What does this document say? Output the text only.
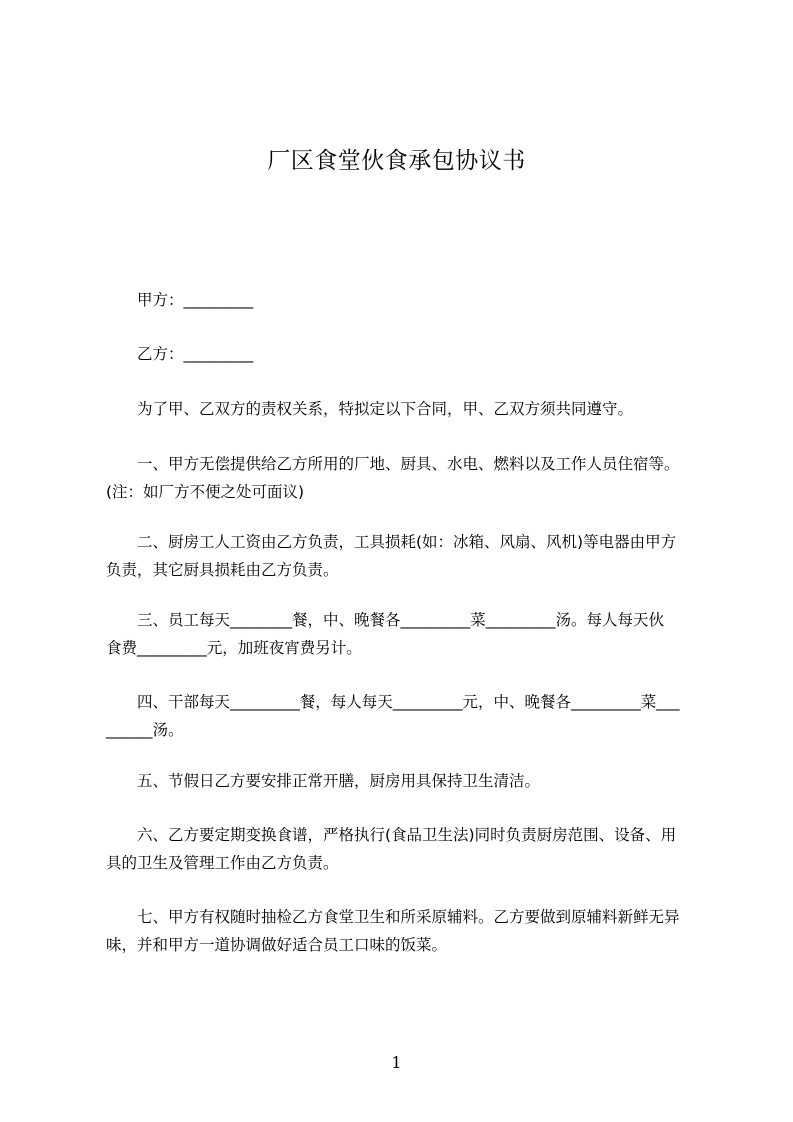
厂区食堂伙食承包协议书
甲方：_________
乙方：_________
为了甲、乙双方的责权关系，特拟定以下合同，甲、乙双方须共同遵守。
一、甲方无偿提供给乙方所用的厂地、厨具、水电、燃料以及工作人员住宿等。
(注：如厂方不便之处可面议)
二、厨房工人工资由乙方负责，工具损耗(如：冰箱、风扇、风机)等电器由甲方
负责，其它厨具损耗由乙方负责。
三、员工每天________餐，中、晚餐各_________菜_________汤。每人每天伙
食费_________元，加班夜宵费另计。
四、干部每天_________餐，每人每天_________元，中、晚餐各_________菜___
______汤。
五、节假日乙方要安排正常开膳，厨房用具保持卫生清洁。
六、乙方要定期变换食谱，严格执行(食品卫生法)同时负责厨房范围、设备、用
具的卫生及管理工作由乙方负责。
七、甲方有权随时抽检乙方食堂卫生和所采原辅料。乙方要做到原辅料新鲜无异
味，并和甲方一道协调做好适合员工口味的饭菜。
1
